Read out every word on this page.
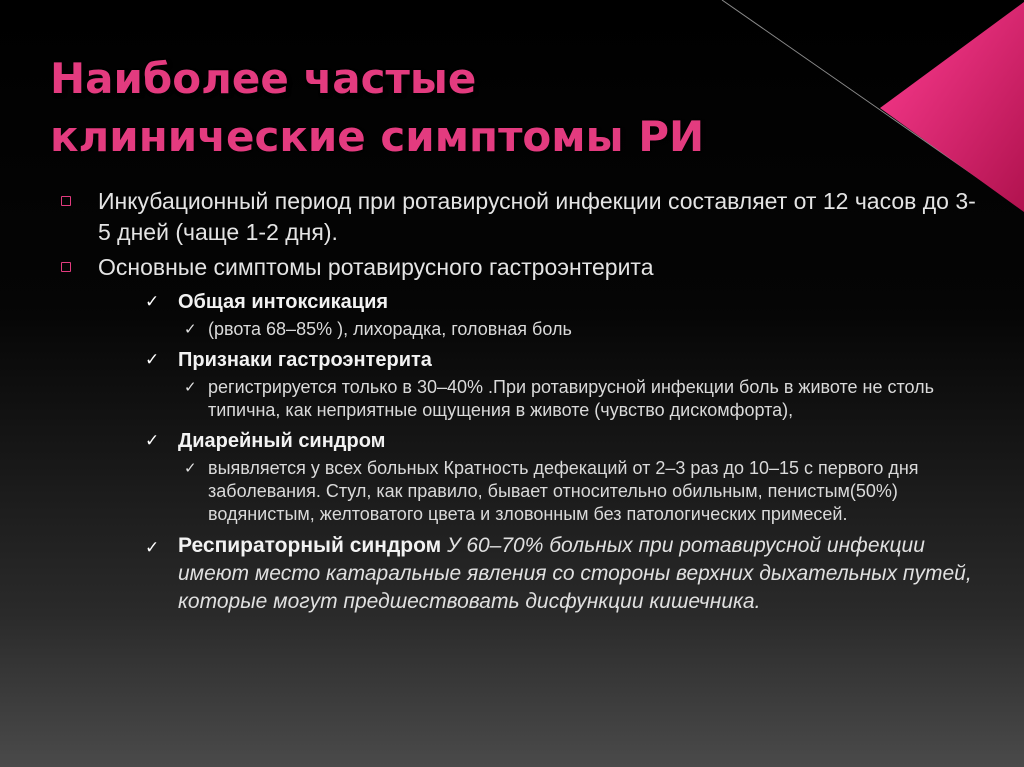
Наиболее частые
клинические симптомы РИ
Инкубационный период при ротавирусной инфекции составляет от 12 часов до 3-5 дней (чаще 1-2 дня).
Основные симптомы ротавирусного гастроэнтерита
✓ Общая интоксикация
✓ (рвота 68–85% ), лихорадка, головная боль
✓ Признаки гастроэнтерита
✓ регистрируется только в 30–40% .При ротавирусной инфекции боль в животе не столь типична, как неприятные ощущения в животе (чувство дискомфорта),
✓ Диарейный синдром
✓ выявляется у всех больных Кратность дефекаций от 2–3 раз до 10–15 с первого дня заболевания. Стул, как правило, бывает относительно обильным, пенистым(50%) водянистым, желтоватого цвета и зловонным без патологических примесей.
✓ Респираторный синдром У 60–70% больных при ротавирусной инфекции имеют место катаральные явления со стороны верхних дыхательных путей, которые могут предшествовать дисфункции кишечника.
